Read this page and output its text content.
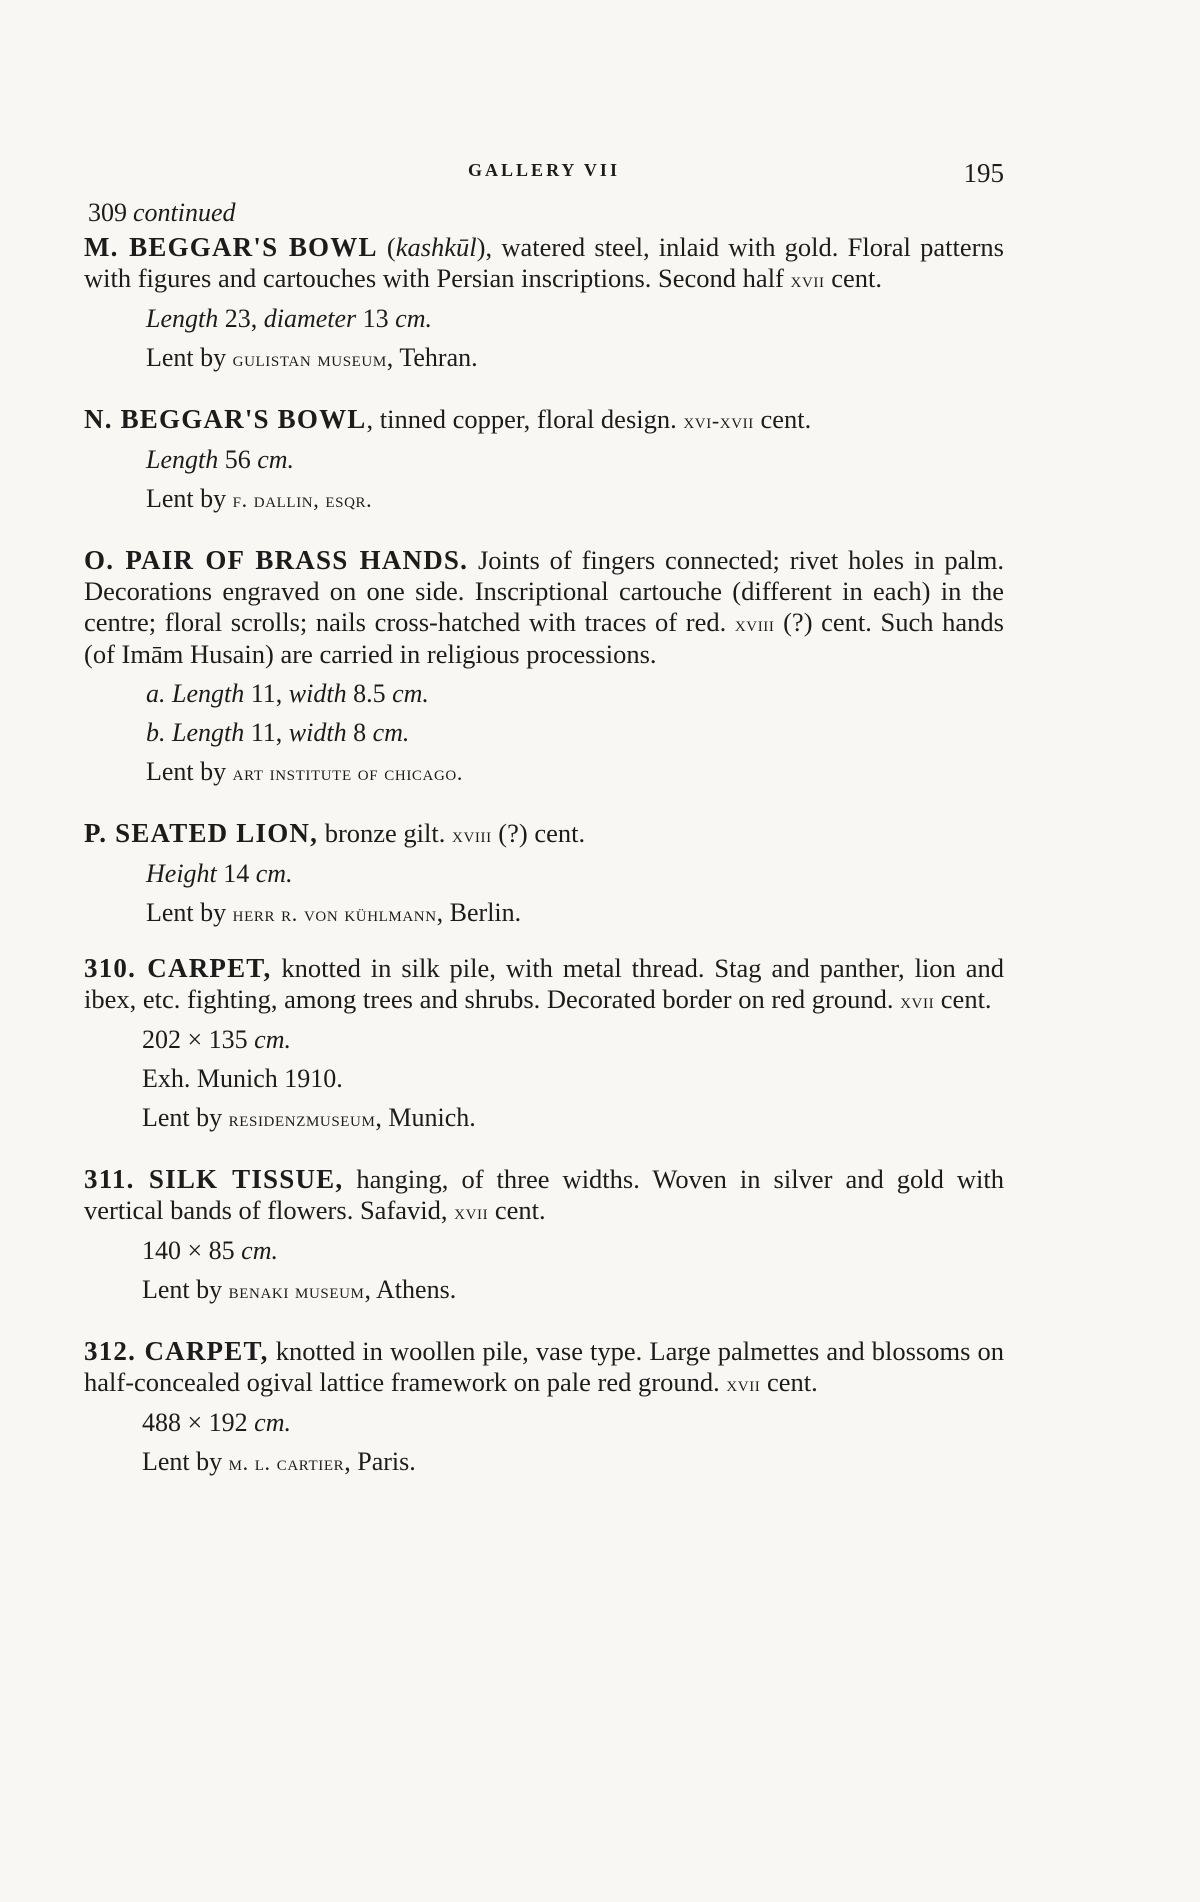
GALLERY VII	195
309 continued

M. BEGGAR'S BOWL (kashkūl), watered steel, inlaid with gold. Floral patterns with figures and cartouches with Persian inscriptions. Second half xvii cent.

Length 23, diameter 13 cm.
Lent by gulistan museum, Tehran.

N. BEGGAR'S BOWL, tinned copper, floral design. xvi-xvii cent.

Length 56 cm.
Lent by f. dallin, esqr.

O. PAIR OF BRASS HANDS. Joints of fingers connected; rivet holes in palm. Decorations engraved on one side. Inscriptional cartouche (different in each) in the centre; floral scrolls; nails cross-hatched with traces of red. xviii (?) cent. Such hands (of Imām Husain) are carried in religious processions.

a. Length 11, width 8.5 cm.
b. Length 11, width 8 cm.
Lent by art institute of chicago.

P. SEATED LION, bronze gilt. xviii (?) cent.

Height 14 cm.
Lent by herr r. von kühlmann, Berlin.

310. CARPET, knotted in silk pile, with metal thread. Stag and panther, lion and ibex, etc. fighting, among trees and shrubs. Decorated border on red ground. xvii cent.

202 × 135 cm.
Exh. Munich 1910.
Lent by residenzmuseum, Munich.

311. SILK TISSUE, hanging, of three widths. Woven in silver and gold with vertical bands of flowers. Safavid, xvii cent.

140 × 85 cm.
Lent by benaki museum, Athens.

312. CARPET, knotted in woollen pile, vase type. Large palmettes and blossoms on half-concealed ogival lattice framework on pale red ground. xvii cent.

488 × 192 cm.
Lent by m. l. cartier, Paris.
